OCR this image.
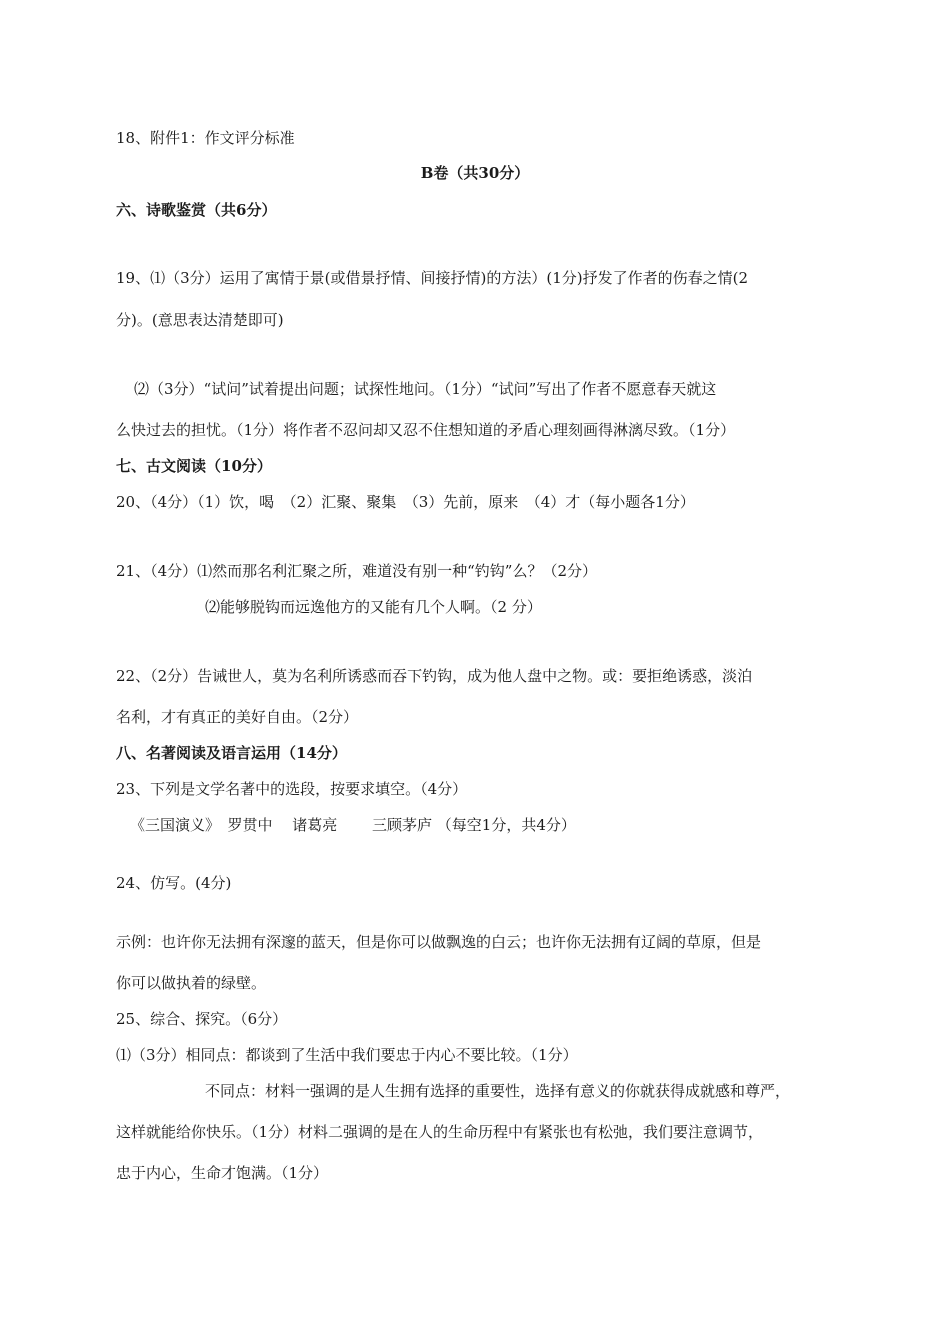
18、附件1：作文评分标准
B卷（共30分）
六、诗歌鉴赏（共6分）
19、⑴（3分）运用了寓情于景(或借景抒情、间接抒情)的方法）(1分)抒发了作者的伤春之情(2
分)。(意思表达清楚即可)
⑵（3分）“试问”试着提出问题；试探性地问。（1分）“试问”写出了作者不愿意春天就这
么快过去的担忧。（1分）将作者不忍问却又忍不住想知道的矛盾心理刻画得淋漓尽致。（1分）
七、古文阅读（10分）
20、（4分）（1）饮，喝　（2）汇聚、聚集　（3）先前，原来　（4）才（每小题各1分）
21、（4分）⑴然而那名利汇聚之所，难道没有别一种“钓钩”么？（2分）
⑵能够脱钩而远逸他方的又能有几个人啊。（2 分）
22、（2分）告诫世人，莫为名利所诱惑而吞下钓钩，成为他人盘中之物。或：要拒绝诱惑，淡泊
名利，才有真正的美好自由。（2分）
八、名著阅读及语言运用（14分）
23、下列是文学名著中的选段，按要求填空。（4分）
《三国演义》　罗贯中　 诸葛亮　　 三顾茅庐 （每空1分，共4分）
24、仿写。(4分)
示例：也许你无法拥有深邃的蓝天，但是你可以做飘逸的白云；也许你无法拥有辽阔的草原，但是
你可以做执着的绿壁。
25、综合、探究。（6分）
⑴（3分）相同点：都谈到了生活中我们要忠于内心不要比较。（1分）
不同点：材料一强调的是人生拥有选择的重要性，选择有意义的你就获得成就感和尊严，
这样就能给你快乐。（1分）材料二强调的是在人的生命历程中有紧张也有松弛，我们要注意调节，
忠于内心，生命才饱满。（1分）
